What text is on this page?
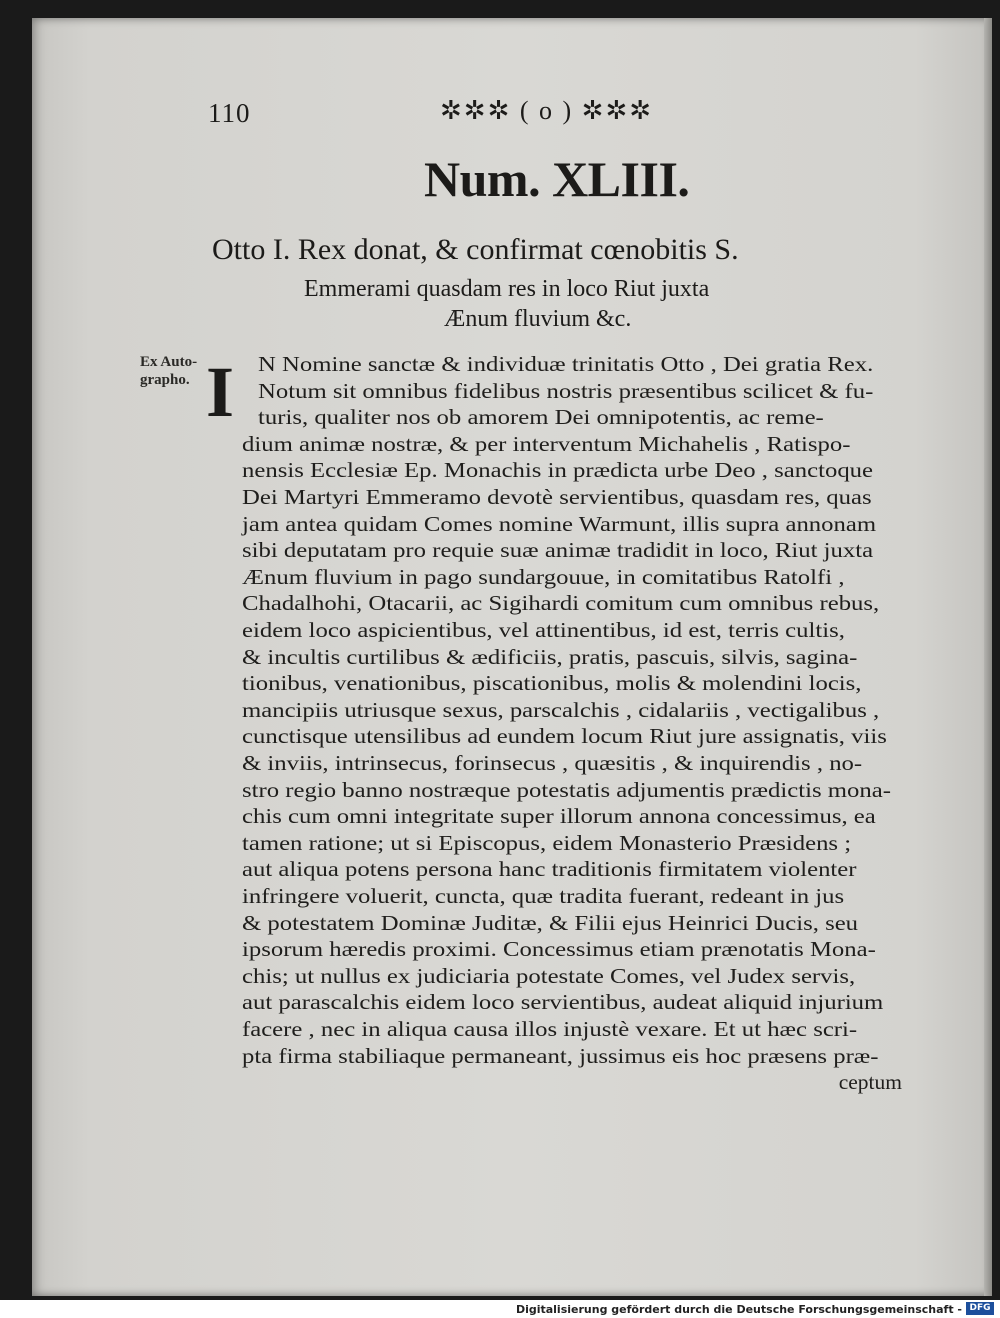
110	✲✲✲ ( o ) ✲✲✲
Num. XLIII.
Otto I. Rex donat, & confirmat cœnobitis S.
Emmerami quasdam res in loco Riut juxta
Ænum fluvium &c.
Ex Auto-
grapho. I N Nomine sanctæ & individuæ trinitatis Otto , Dei gratia Rex.
Notum sit omnibus fidelibus nostris præsentibus scilicet & fu-
turis, qualiter nos ob amorem Dei omnipotentis, ac reme-
dium animæ nostræ, & per interventum Michahelis , Ratispo-
nensis Ecclesiæ Ep. Monachis in prædicta urbe Deo , sanctoque
Dei Martyri Emmeramo devotè servientibus, quasdam res, quas
jam antea quidam Comes nomine Warmunt, illis supra annonam
sibi deputatam pro requie suæ animæ tradidit in loco, Riut juxta
Ænum fluvium in pago sundargouue, in comitatibus Ratolfi ,
Chadalhohi, Otacarii, ac Sigihardi comitum cum omnibus rebus,
eidem loco aspicientibus, vel attinentibus, id est, terris cultis,
& incultis curtilibus & ædificiis, pratis, pascuis, silvis, sagina-
tionibus, venationibus, piscationibus, molis & molendini locis,
mancipiis utriusque sexus, parscalchis , cidalariis , vectigalibus ,
cunctisque utensilibus ad eundem locum Riut jure assignatis, viis
& inviis, intrinsecus, forinsecus , quæsitis , & inquirendis , no-
stro regio banno nostræque potestatis adjumentis prædictis mona-
chis cum omni integritate super illorum annona concessimus, ea
tamen ratione; ut si Episcopus, eidem Monasterio Præsidens ;
aut aliqua potens persona hanc traditionis firmitatem violenter
infringere voluerit, cuncta, quæ tradita fuerant, redeant in jus
& potestatem Dominæ Juditæ, & Filii ejus Heinrici Ducis, seu
ipsorum hæredis proximi. Concessimus etiam prænotatis Mona-
chis; ut nullus ex judiciaria potestate Comes, vel Judex servis,
aut parascalchis eidem loco servientibus, audeat aliquid injurium
facere , nec in aliqua causa illos injustè vexare. Et ut hæc scri-
pta firma stabiliaque permaneant, jussimus eis hoc præsens præ-
ceptum
Digitalisierung gefördert durch die Deutsche Forschungsgemeinschaft - DFG
